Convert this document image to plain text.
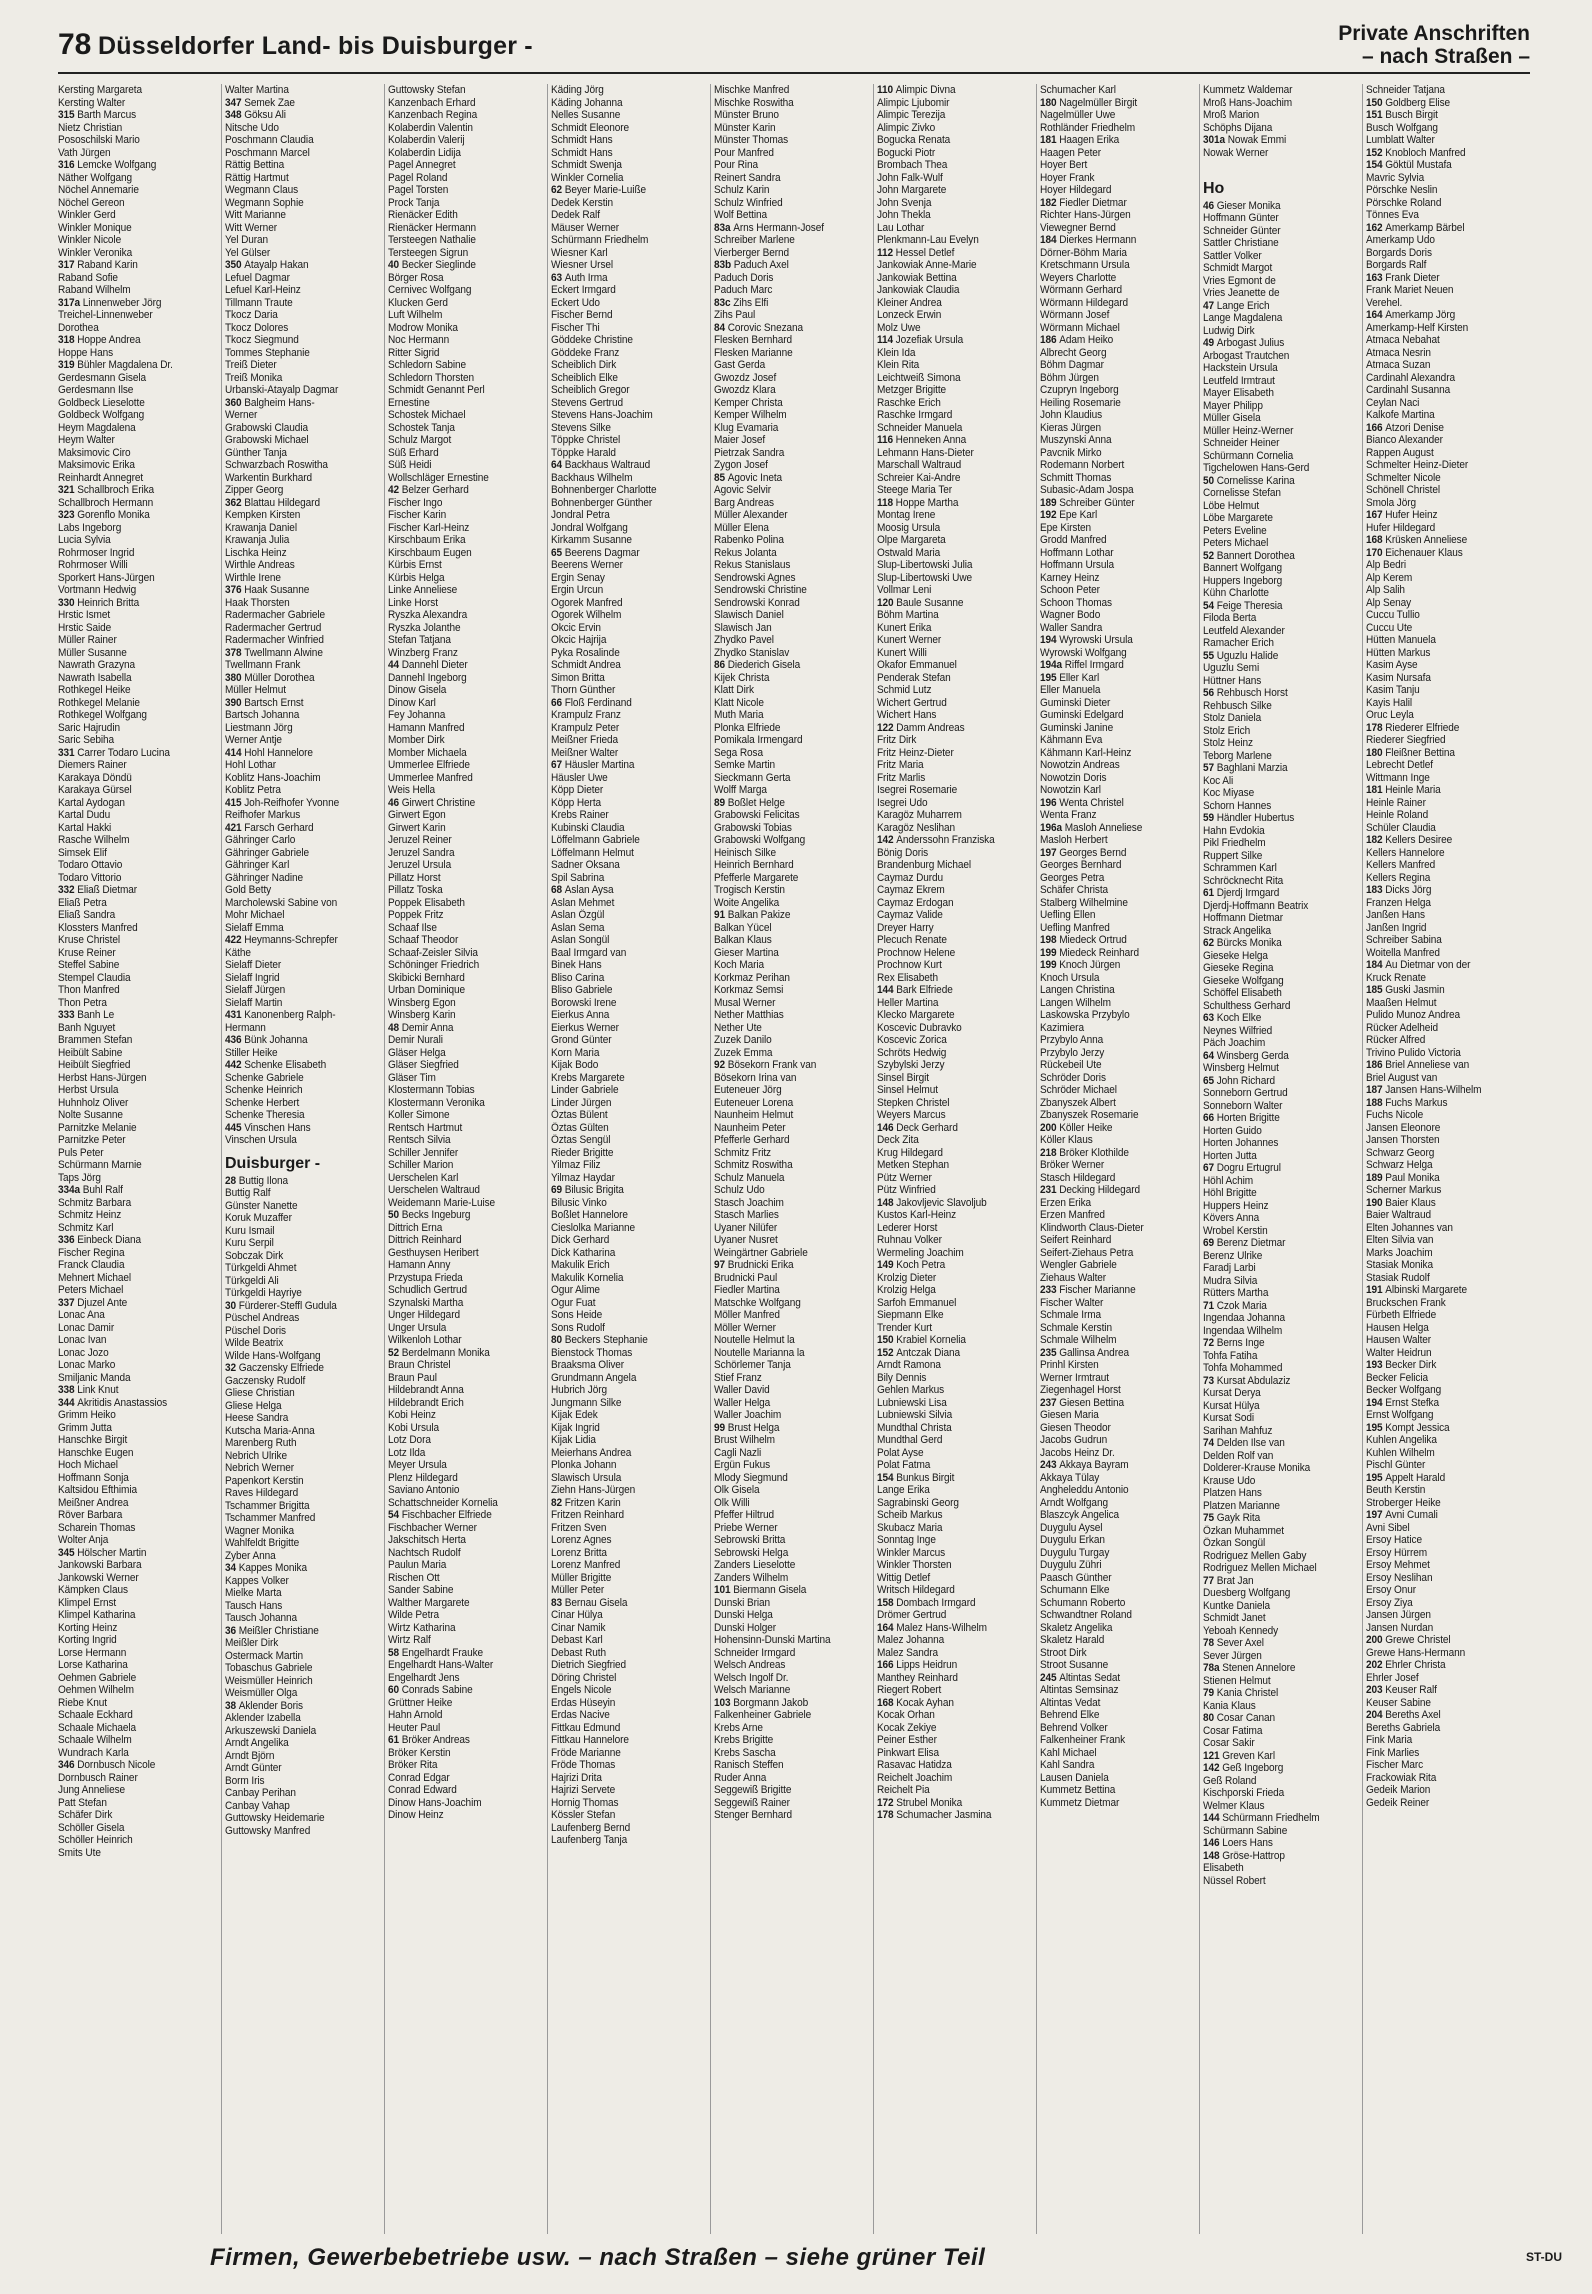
78 Düsseldorfer Land- bis Duisburger -	Private Anschriften
– nach Straßen –
Kersting Margareta
Kersting Walter
315 Barth Marcus
Nietz Christian
Pososchilski Mario
Vath Jürgen
316 Lemcke Wolfgang
Näther Wolfgang
Nöchel Annemarie
Nöchel Gereon
Winkler Gerd
Winkler Monique
Winkler Nicole
Winkler Veronika
317 Raband Karin
Raband Sofie
Raband Wilhelm
317a Linnenweber Jörg
Treichel-Linnenweber
Dorothea
318 Hoppe Andrea
Hoppe Hans
319 Bühler Magdalena Dr.
Gerdesmann Gisela
Gerdesmann Ilse
Goldbeck Lieselotte
Goldbeck Wolfgang
Heym Magdalena
Heym Walter
Maksimovic Ciro
Maksimovic Erika
Reinhardt Annegret
321 Schallbroch Erika
Schallbroch Hermann
323 Gorenflo Monika
Labs Ingeborg
Lucia Sylvia
Rohrmoser Ingrid
Rohrmoser Willi
Sporkert Hans-Jürgen
Vortmann Hedwig
330 Heinrich Britta
Hrstic Ismet
Hrstic Saide
Müller Rainer
Müller Susanne
Nawrath Grazyna
Nawrath Isabella
Rothkegel Heike
Rothkegel Melanie
Rothkegel Wolfgang
Saric Hajrudin
Saric Sebiha
331 Carrer Todaro Lucina
Diemers Rainer
Karakaya Döndü
Karakaya Gürsel
Kartal Aydogan
Kartal Dudu
Kartal Hakki
Rasche Wilhelm
Simsek Elif
Todaro Ottavio
Todaro Vittorio
332 Eliaß Dietmar
Eliaß Petra
Eliaß Sandra
Klossters Manfred
Kruse Christel
Kruse Reiner
Steffel Sabine
Stempel Claudia
Thon Manfred
Thon Petra
333 Banh Le
Banh Nguyet
Brammen Stefan
Heibült Sabine
Heibült Siegfried
Herbst Hans-Jürgen
Herbst Ursula
Huhnholz Oliver
Nolte Susanne
Parnitzke Melanie
Parnitzke Peter
Puls Peter
Schürmann Marnie
Taps Jörg
334a Buhl Ralf
Schmitz Barbara
Schmitz Heinz
Schmitz Karl
336 Einbeck Diana
Fischer Regina
Franck Claudia
Mehnert Michael
Peters Michael
337 Djuzel Ante
Lonac Ana
Lonac Damir
Lonac Ivan
Lonac Jozo
Lonac Marko
Smiljanic Manda
338 Link Knut
344 Akritidis Anastassios
Grimm Heiko
Grimm Jutta
Hanschke Birgit
Hanschke Eugen
Hoch Michael
Hoffmann Sonja
Kaltsidou Efthimia
Meißner Andrea
Röver Barbara
Scharein Thomas
Wolter Anja
345 Hölscher Martin
Jankowski Barbara
Jankowski Werner
Kämpken Claus
Klimpel Ernst
Klimpel Katharina
Korting Heinz
Korting Ingrid
Lorse Hermann
Lorse Katharina
Oehmen Gabriele
Oehmen Wilhelm
Riebe Knut
Schaale Eckhard
Schaale Michaela
Schaale Wilhelm
Wundrach Karla
346 Dornbusch Nicole
Dornbusch Rainer
Jung Anneliese
Patt Stefan
Schäfer Dirk
Schöller Gisela
Schöller Heinrich
Smits Ute
Walter Martina
347 Semek Zae
348 Göksu Ali
Nitsche Udo
Poschmann Claudia
Poschmann Marcel
Rättig Bettina
Rättig Hartmut
Wegmann Claus
Wegmann Sophie
Witt Marianne
Witt Werner
Yel Duran
Yel Gülser
350 Atayalp Hakan
Lefuel Dagmar
Lefuel Karl-Heinz
Tillmann Traute
Tkocz Daria
Tkocz Dolores
Tkocz Siegmund
Tommes Stephanie
Treiß Dieter
Treiß Monika
Urbanski-Atayalp Dagmar
360 Balgheim Hans-
Werner
Grabowski Claudia
Grabowski Michael
Günther Tanja
Schwarzbach Roswitha
Warkentin Burkhard
Zipper Georg
362 Blattau Hildegard
Kempken Kirsten
Krawanja Daniel
Krawanja Julia
Lischka Heinz
Wirthle Andreas
Wirthle Irene
376 Haak Susanne
Haak Thorsten
Radermacher Gabriele
Radermacher Gertrud
Radermacher Winfried
378 Twellmann Alwine
Twellmann Frank
380 Müller Dorothea
Müller Helmut
390 Bartsch Ernst
Bartsch Johanna
Liestmann Jörg
Werner Antje
414 Hohl Hannelore
Hohl Lothar
Koblitz Hans-Joachim
Koblitz Petra
415 Joh-Reifhofer Yvonne
Reifhofer Markus
421 Farsch Gerhard
Gähringer Carlo
Gähringer Gabriele
Gähringer Karl
Gähringer Nadine
Gold Betty
Marcholewski Sabine von
Mohr Michael
Sielaff Emma
422 Heymanns-Schrepfer
Käthe
Sielaff Dieter
Sielaff Ingrid
Sielaff Jürgen
Sielaff Martin
431 Kanonenberg Ralph-
Hermann
436 Bünk Johanna
Stiller Heike
442 Schenke Elisabeth
Schenke Gabriele
Schenke Heinrich
Schenke Herbert
Schenke Theresia
445 Vinschen Hans
Vinschen Ursula
Duisburger -
28 Buttig Ilona
Buttig Ralf
Günster Nanette
Koruk Muzaffer
Kuru Ismail
Kuru Serpil
Sobczak Dirk
Türkgeldi Ahmet
Türkgeldi Ali
Türkgeldi Hayriye
30 Fürderer-Steffl Gudula
Püschel Andreas
Püschel Doris
Wilde Beatrix
Wilde Hans-Wolfgang
32 Gaczensky Elfriede
Gaczensky Rudolf
Gliese Christian
Gliese Helga
Heese Sandra
Kutscha Maria-Anna
Marenberg Ruth
Nebrich Ulrike
Nebrich Werner
Papenkort Kerstin
Raves Hildegard
Tschammer Brigitta
Tschammer Manfred
Wagner Monika
Wahlfeldt Brigitte
Zyber Anna
34 Kappes Monika
Kappes Volker
Mielke Marta
Tausch Hans
Tausch Johanna
36 Meißler Christiane
Meißler Dirk
Ostermack Martin
Tobaschus Gabriele
Weismüller Heinrich
Weismüller Olga
38 Aklender Boris
Aklender Izabella
Arkuszewski Daniela
Arndt Angelika
Arndt Björn
Arndt Günter
Borm Iris
Canbay Perihan
Canbay Vahap
Guttowsky Heidemarie
Guttowsky Manfred
Guttowsky Stefan
Kanzenbach Erhard
Kanzenbach Regina
Kolaberdin Valentin
Kolaberdin Valerij
Kolaberdin Lidija
Pagel Annegret
Pagel Roland
Pagel Torsten
Prock Tanja
Rienäcker Edith
Rienäcker Hermann
Tersteegen Nathalie
Tersteegen Sigrun
40 Becker Sieglinde
Börger Rosa
Cernivec Wolfgang
Klucken Gerd
Luft Wilhelm
Modrow Monika
Noc Hermann
Ritter Sigrid
Schledorn Sabine
Schledorn Thorsten
Schmidt Genannt Perl
Ernestine
Schostek Michael
Schostek Tanja
Schulz Margot
Süß Erhard
Süß Heidi
Wollschläger Ernestine
42 Belzer Gerhard
Fischer Ingo
Fischer Karin
Fischer Karl-Heinz
Kirschbaum Erika
Kirschbaum Eugen
Kürbis Ernst
Kürbis Helga
Linke Anneliese
Linke Horst
Ryszka Alexandra
Ryszka Jolanthe
Stefan Tatjana
Winzberg Franz
44 Dannehl Dieter
Dannehl Ingeborg
Dinow Gisela
Dinow Karl
Fey Johanna
Hamann Manfred
Momber Dirk
Momber Michaela
Ummerlee Elfriede
Ummerlee Manfred
Weis Hella
46 Girwert Christine
Girwert Egon
Girwert Karin
Jeruzel Reiner
Jeruzel Sandra
Jeruzel Ursula
Pillatz Horst
Pillatz Toska
Poppek Elisabeth
Poppek Fritz
Schaaf Ilse
Schaaf Theodor
Schaaf-Zeisler Silvia
Schöninger Friedrich
Skibicki Bernhard
Urban Dominique
Winsberg Egon
Winsberg Karin
48 Demir Anna
Demir Nurali
Gläser Helga
Gläser Siegfried
Gläser Tim
Klostermann Tobias
Klostermann Veronika
Koller Simone
Rentsch Hartmut
Rentsch Silvia
Schiller Jennifer
Schiller Marion
Uerschelen Karl
Uerschelen Waltraud
Weidemann Marie-Luise
50 Becks Ingeburg
Dittrich Erna
Dittrich Reinhard
Gesthuysen Heribert
Hamann Anny
Przystupa Frieda
Schudlich Gertrud
Szynalski Martha
Unger Hildegard
Unger Ursula
Wilkenloh Lothar
52 Berdelmann Monika
Braun Christel
Braun Paul
Hildebrandt Anna
Hildebrandt Erich
Kobi Heinz
Kobi Ursula
Lotz Dora
Lotz Ilda
Meyer Ursula
Plenz Hildegard
Saviano Antonio
Schattschneider Kornelia
54 Fischbacher Elfriede
Fischbacher Werner
Jakschitsch Herta
Nachtsch Rudolf
Paulun Maria
Rischen Ott
Sander Sabine
Walther Margarete
Wilde Petra
Wirtz Katharina
Wirtz Ralf
58 Engelhardt Frauke
Engelhardt Hans-Walter
Engelhardt Jens
60 Conrads Sabine
Grüttner Heike
Hahn Arnold
Heuter Paul
61 Bröker Andreas
Bröker Kerstin
Bröker Rita
Conrad Edgar
Conrad Edward
Dinow Hans-Joachim
Dinow Heinz
Käding Jörg
Käding Johanna
Nelles Susanne
Schmidt Eleonore
Schmidt Hans
Schmidt Hans
Schmidt Swenja
Winkler Cornelia
62 Beyer Marie-Luiße
Dedek Kerstin
Dedek Ralf
Mäuser Werner
Schürmann Friedhelm
Wiesner Karl
Wiesner Ursel
63 Auth Irma
Eckert Irmgard
Eckert Udo
Fischer Bernd
Fischer Thi
Göddeke Christine
Göddeke Franz
Scheiblich Dirk
Scheiblich Elke
Scheiblich Gregor
Stevens Gertrud
Stevens Hans-Joachim
Stevens Silke
Töppke Christel
Töppke Harald
64 Backhaus Waltraud
Backhaus Wilhelm
Bohnenberger Charlotte
Bohnenberger Günther
Jondral Petra
Jondral Wolfgang
Kirkamm Susanne
65 Beerens Dagmar
Beerens Werner
Ergin Senay
Ergin Urcun
Ogorek Manfred
Ogorek Wilhelm
Okcic Ervin
Okcic Hajrija
Pyka Rosalinde
Schmidt Andrea
Simon Britta
Thorn Günther
66 Floß Ferdinand
Krampulz Franz
Krampulz Peter
Meißner Frieda
Meißner Walter
67 Häusler Martina
Häusler Uwe
Köpp Dieter
Köpp Herta
Krebs Rainer
Kubinski Claudia
Löffelmann Gabriele
Löffelmann Helmut
Sadner Oksana
Spil Sabrina
68 Aslan Aysa
Aslan Mehmet
Aslan Özgül
Aslan Sema
Aslan Songül
Baal Irmgard van
Binek Hans
Bliso Carina
Bliso Gabriele
Borowski Irene
Eierkus Anna
Eierkus Werner
Grond Günter
Korn Maria
Kijak Bodo
Krebs Margarete
Linder Gabriele
Linder Jürgen
Öztas Bülent
Öztas Gülten
Öztas Sengül
Rieder Brigitte
Yilmaz Filiz
Yilmaz Haydar
69 Bilusic Brigita
Bilusic Vinko
Boßlet Hannelore
Cieslolka Marianne
Dick Gerhard
Dick Katharina
Makulik Erich
Makulik Kornelia
Ogur Alime
Ogur Fuat
Sons Heide
Sons Rudolf
80 Beckers Stephanie
Bienstock Thomas
Braaksma Oliver
Grundmann Angela
Hubrich Jörg
Jungmann Silke
Kijak Edek
Kijak Ingrid
Kijak Lidia
Meierhans Andrea
Plonka Johann
Slawisch Ursula
Ziehn Hans-Jürgen
82 Fritzen Karin
Fritzen Reinhard
Fritzen Sven
Lorenz Agnes
Lorenz Britta
Lorenz Manfred
Müller Brigitte
Müller Peter
83 Bernau Gisela
Cinar Hülya
Cinar Namik
Debast Karl
Debast Ruth
Dietrich Siegfried
Döring Christel
Engels Nicole
Erdas Hüseyin
Erdas Nacive
Fittkau Edmund
Fittkau Hannelore
Fröde Marianne
Fröde Thomas
Hajrizi Drita
Hajrizi Servete
Hornig Thomas
Kössler Stefan
Laufenberg Bernd
Laufenberg Tanja
Mischke Manfred
Mischke Roswitha
Münster Bruno
Münster Karin
Münster Thomas
Pour Manfred
Pour Rina
Reinert Sandra
Schulz Karin
Schulz Winfried
Wolf Bettina
83a Arns Hermann-Josef
Schreiber Marlene
Vierberger Bernd
83b Paduch Axel
Paduch Doris
Paduch Marc
83c Zihs Elfi
Zihs Paul
84 Corovic Snezana
Flesken Bernhard
Flesken Marianne
Gast Gerda
Gwozdz Josef
Gwozdz Klara
Kemper Christa
Kemper Wilhelm
Klug Evamaria
Maier Josef
Pietrzak Sandra
Zygon Josef
85 Agovic Ineta
Agovic Selvir
Barg Andreas
Müller Alexander
Müller Elena
Rabenko Polina
Rekus Jolanta
Rekus Stanislaus
Sendrowski Agnes
Sendrowski Christine
Sendrowski Konrad
Slawisch Daniel
Slawisch Jan
Zhydko Pavel
Zhydko Stanislav
86 Diederich Gisela
Kijek Christa
Klatt Dirk
Klatt Nicole
Muth Maria
Plonka Elfriede
Pomikala Irmengard
Sega Rosa
Semke Martin
Sieckmann Gerta
Wolff Marga
89 Boßlet Helge
Grabowski Felicitas
Grabowski Tobias
Grabowski Wolfgang
Heinisch Silke
Heinrich Bernhard
Pfefferle Margarete
Trogisch Kerstin
Woite Angelika
91 Balkan Pakize
Balkan Yücel
Balkan Klaus
Gieser Martina
Koch Maria
Korkmaz Perihan
Korkmaz Semsi
Musal Werner
Nether Matthias
Nether Ute
Zuzek Danilo
Zuzek Emma
92 Bösekorn Frank van
Bösekorn Irina van
Euteneuer Jörg
Euteneuer Lorena
Naunheim Helmut
Naunheim Peter
Pfefferle Gerhard
Schmitz Fritz
Schmitz Roswitha
Schulz Manuela
Schulz Udo
Stasch Joachim
Stasch Marlies
Uyaner Nilüfer
Uyaner Nusret
Weingärtner Gabriele
97 Brudnicki Erika
Brudnicki Paul
Fiedler Martina
Matschke Wolfgang
Möller Manfred
Möller Werner
Noutelle Helmut la
Noutelle Marianna la
Schörlemer Tanja
Stief Franz
Waller David
Waller Helga
Waller Joachim
99 Brust Helga
Brust Wilhelm
Cagli Nazli
Ergün Fukus
Mlody Siegmund
Olk Gisela
Olk Willi
Pfeffer Hiltrud
Priebe Werner
Sebrowski Britta
Sebrowski Helga
Zanders Lieselotte
Zanders Wilhelm
101 Biermann Gisela
Dunski Brian
Dunski Helga
Dunski Holger
Hohensinn-Dunski Martina
Schneider Irmgard
Welsch Andreas
Welsch Ingolf Dr.
Welsch Marianne
103 Borgmann Jakob
Falkenheiner Gabriele
Krebs Arne
Krebs Brigitte
Krebs Sascha
Ranisch Steffen
Ruder Anna
Seggewiß Brigitte
Seggewiß Rainer
Stenger Bernhard
110 Alimpic Divna
Alimpic Ljubomir
Alimpic Terezija
Alimpic Zivko
Bogucka Renata
Bogucki Piotr
Brombach Thea
John Falk-Wulf
John Margarete
John Svenja
John Thekla
Lau Lothar
Plenkmann-Lau Evelyn
112 Hessel Detlef
Jankowiak Anne-Marie
Jankowiak Bettina
Jankowiak Claudia
Kleiner Andrea
Lonzeck Erwin
Molz Uwe
114 Jozefiak Ursula
Klein Ida
Klein Rita
Leichtweiß Simona
Metzger Brigitte
Raschke Erich
Raschke Irmgard
Schneider Manuela
116 Henneken Anna
Lehmann Hans-Dieter
Marschall Waltraud
Schreier Kai-Andre
Steege Maria Ter
118 Hoppe Martha
Montag Irene
Moosig Ursula
Olpe Margareta
Ostwald Maria
Slup-Libertowski Julia
Slup-Libertowski Uwe
Vollmar Leni
120 Baule Susanne
Böhm Martina
Kunert Erika
Kunert Werner
Kunert Willi
Okafor Emmanuel
Penderak Stefan
Schmid Lutz
Wichert Gertrud
Wichert Hans
122 Damm Andreas
Fritz Dirk
Fritz Heinz-Dieter
Fritz Maria
Fritz Marlis
Isegrei Rosemarie
Isegrei Udo
Karagöz Muharrem
Karagöz Neslihan
142 Anderssohn Franziska
Bönig Doris
Brandenburg Michael
Caymaz Durdu
Caymaz Ekrem
Caymaz Erdogan
Caymaz Valide
Dreyer Harry
Plecuch Renate
Prochnow Helene
Prochnow Kurt
Rex Elisabeth
144 Bark Elfriede
Heller Martina
Klecko Margarete
Koscevic Dubravko
Koscevic Zorica
Schröts Hedwig
Szybylski Jerzy
Sinsel Birgit
Sinsel Helmut
Stepken Christel
Weyers Marcus
146 Deck Gerhard
Deck Zita
Krug Hildegard
Metken Stephan
Pütz Werner
Pütz Winfried
148 Jakovljevic Slavoljub
Kustos Karl-Heinz
Lederer Horst
Ruhnau Volker
Wermeling Joachim
149 Koch Petra
Krolzig Dieter
Krolzig Helga
Sarfoh Emmanuel
Siepmann Elke
Trender Kurt
150 Krabiel Kornelia
152 Antczak Diana
Arndt Ramona
Bily Dennis
Gehlen Markus
Lubniewski Lisa
Lubniewski Silvia
Mundthal Christa
Mundthal Gerd
Polat Ayse
Polat Fatma
154 Bunkus Birgit
Lange Erika
Sagrabinski Georg
Scheib Markus
Skubacz Maria
Sonntag Inge
Winkler Marcus
Winkler Thorsten
Wittig Detlef
Writsch Hildegard
158 Dombach Irmgard
Drömer Gertrud
164 Malez Hans-Wilhelm
Malez Johanna
Malez Sandra
166 Lipps Heidrun
Manthey Reinhard
Riegert Robert
168 Kocak Ayhan
Kocak Orhan
Kocak Zekiye
Peiner Esther
Pinkwart Elisa
Rasavac Hatidza
Reichelt Joachim
Reichelt Pia
172 Strubel Monika
178 Schumacher Jasmina
Schumacher Karl
180 Nagelmüller Birgit
Nagelmüller Uwe
Rothländer Friedhelm
181 Haagen Erika
Haagen Peter
Hoyer Bert
Hoyer Frank
Hoyer Hildegard
182 Fiedler Dietmar
Richter Hans-Jürgen
Viewegner Bernd
184 Dierkes Hermann
Dörner-Böhm Maria
Kretschmann Ursula
Weyers Charlotte
Wörmann Gerhard
Wörmann Hildegard
Wörmann Josef
Wörmann Michael
186 Adam Heiko
Albrecht Georg
Böhm Dagmar
Böhm Jürgen
Czupryn Ingeborg
Heiling Rosemarie
John Klaudius
Kieras Jürgen
Muszynski Anna
Pavcnik Mirko
Rodemann Norbert
Schmitt Thomas
Subasic-Adam Jospa
189 Schreiber Günter
192 Epe Karl
Epe Kirsten
Grodd Manfred
Hoffmann Lothar
Hoffmann Ursula
Karney Heinz
Schoon Peter
Schoon Thomas
Wagner Bodo
Waller Sandra
194 Wyrowski Ursula
Wyrowski Wolfgang
194a Riffel Irmgard
195 Eller Karl
Eller Manuela
Guminski Dieter
Guminski Edelgard
Guminski Janine
Kähmann Eva
Kähmann Karl-Heinz
Nowotzin Andreas
Nowotzin Doris
Nowotzin Karl
196 Wenta Christel
Wenta Franz
196a Masloh Anneliese
Masloh Herbert
197 Georges Bernd
Georges Bernhard
Georges Petra
Schäfer Christa
Stalberg Wilhelmine
Uefling Ellen
Uefling Manfred
198 Miedeck Ortrud
199 Miedeck Reinhard
199 Knoch Jürgen
Knoch Ursula
Langen Christina
Langen Wilhelm
Laskowska Przybylo
Kazimiera
Przybylo Anna
Przybylo Jerzy
Rückebeil Ute
Schröder Doris
Schröder Michael
Zbanyszek Albert
Zbanyszek Rosemarie
200 Köller Heike
Köller Klaus
218 Bröker Klothilde
Bröker Werner
Stasch Hildegard
231 Decking Hildegard
Erzen Erika
Erzen Manfred
Klindworth Claus-Dieter
Seifert Reinhard
Seifert-Ziehaus Petra
Wengler Gabriele
Ziehaus Walter
233 Fischer Marianne
Fischer Walter
Schmale Irma
Schmale Kerstin
Schmale Wilhelm
235 Gallinsa Andrea
Prinhl Kirsten
Werner Irmtraut
Ziegenhagel Horst
237 Giesen Bettina
Giesen Maria
Giesen Theodor
Jacobs Gudrun
Jacobs Heinz Dr.
243 Akkaya Bayram
Akkaya Tülay
Angheleddu Antonio
Arndt Wolfgang
Blaszcyk Angelica
Duygulu Aysel
Duygulu Erkan
Duygulu Turgay
Duygulu Zühri
Paasch Günther
Schumann Elke
Schumann Roberto
Schwandtner Roland
Skaletz Angelika
Skaletz Harald
Stroot Dirk
Stroot Susanne
245 Altintas Sedat
Altintas Semsinaz
Altintas Vedat
Behrend Elke
Behrend Volker
Falkenheiner Frank
Kahl Michael
Kahl Sandra
Lausen Daniela
Kummetz Bettina
Kummetz Dietmar
Kummetz Waldemar
Mroß Hans-Joachim
Mroß Marion
Schöphs Dijana
301a Nowak Emmi
Nowak Werner
Ho
46 Gieser Monika
Hoffmann Günter
Schneider Günter
Sattler Christiane
Sattler Volker
Schmidt Margot
Vries Egmont de
Vries Jeanette de
47 Lange Erich
Lange Magdalena
Ludwig Dirk
49 Arbogast Julius
Arbogast Trautchen
Hackstein Ursula
Leutfeld Irmtraut
Mayer Elisabeth
Mayer Philipp
Müller Gisela
Müller Heinz-Werner
Schneider Heiner
Schürmann Cornelia
Tigchelowen Hans-Gerd
50 Cornelisse Karina
Cornelisse Stefan
Löbe Helmut
Löbe Margarete
Peters Eveline
Peters Michael
52 Bannert Dorothea
Bannert Wolfgang
Huppers Ingeborg
Kühn Charlotte
54 Feige Theresia
Filoda Berta
Leutfeld Alexander
Ramacher Erich
55 Uguzlu Halide
Uguzlu Semi
Hüttner Hans
56 Rehbusch Horst
Rehbusch Silke
Stolz Daniela
Stolz Erich
Stolz Heinz
Teborg Marlene
57 Baghlani Marzia
Koc Ali
Koc Miyase
Schorn Hannes
59 Händler Hubertus
Hahn Evdokia
Pikl Friedhelm
Ruppert Silke
Schrammen Karl
Schröcknecht Rita
61 Djerdj Irmgard
Djerdj-Hoffmann Beatrix
Hoffmann Dietmar
Strack Angelika
62 Bürcks Monika
Gieseke Helga
Gieseke Regina
Gieseke Wolfgang
Schöffel Elisabeth
Schulthess Gerhard
63 Koch Elke
Neynes Wilfried
Päch Joachim
64 Winsberg Gerda
Winsberg Helmut
65 John Richard
Sonneborn Gertrud
Sonneborn Walter
66 Horten Brigitte
Horten Guido
Horten Johannes
Horten Jutta
67 Dogru Ertugrul
Höhl Achim
Höhl Brigitte
Huppers Heinz
Kövers Anna
Wrobel Kerstin
69 Berenz Dietmar
Berenz Ulrike
Faradj Larbi
Mudra Silvia
Rütters Martha
71 Czok Maria
Ingendaa Johanna
Ingendaa Wilhelm
72 Berns Inge
Tohfa Fatiha
Tohfa Mohammed
73 Kursat Abdulaziz
Kursat Derya
Kursat Hülya
Kursat Sodi
Sarihan Mahfuz
74 Delden Ilse van
Delden Rolf van
Dolderer-Krause Monika
Krause Udo
Platzen Hans
Platzen Marianne
75 Gayk Rita
Özkan Muhammet
Özkan Songül
Rodriguez Mellen Gaby
Rodriguez Mellen Michael
77 Brat Jan
Duesberg Wolfgang
Kuntke Daniela
Schmidt Janet
Yeboah Kennedy
78 Sever Axel
Sever Jürgen
78a Stenen Annelore
Stienen Helmut
79 Kania Christel
Kania Klaus
80 Cosar Canan
Cosar Fatima
Cosar Sakir
121 Greven Karl
142 Geß Ingeborg
Geß Roland
Kischporski Frieda
Welmer Klaus
144 Schürmann Friedhelm
Schürmann Sabine
146 Loers Hans
148 Gröse-Hattrop
Elisabeth
Nüssel Robert
Schneider Tatjana
150 Goldberg Elise
151 Busch Birgit
Busch Wolfgang
Lumblatt Walter
152 Knobloch Manfred
154 Göktül Mustafa
Mavric Sylvia
Pörschke Neslin
Pörschke Roland
Tönnes Eva
162 Amerkamp Bärbel
Amerkamp Udo
Borgards Doris
Borgards Ralf
163 Frank Dieter
Frank Mariet Neuen
Verehel.
164 Amerkamp Jörg
Amerkamp-Helf Kirsten
Atmaca Nebahat
Atmaca Nesrin
Atmaca Suzan
Cardinahl Alexandra
Cardinahl Susanna
Ceylan Naci
Kalkofe Martina
166 Atzori Denise
Bianco Alexander
Rappen August
Schmelter Heinz-Dieter
Schmelter Nicole
Schönell Christel
Smola Jörg
167 Hufer Heinz
Hufer Hildegard
168 Krüsken Anneliese
170 Eichenauer Klaus
Alp Bedri
Alp Kerem
Alp Salih
Alp Senay
Cuccu Tullio
Cuccu Ute
Hütten Manuela
Hütten Markus
Kasim Ayse
Kasim Nursafa
Kasim Tanju
Kayis Halil
Oruc Leyla
178 Riederer Elfriede
Riederer Siegfried
180 Fleißner Bettina
Lebrecht Detlef
Wittmann Inge
181 Heinle Maria
Heinle Rainer
Heinle Roland
Schüler Claudia
182 Kellers Desiree
Kellers Hannelore
Kellers Manfred
Kellers Regina
183 Dicks Jörg
Franzen Helga
Janßen Hans
Janßen Ingrid
Schreiber Sabina
Woitella Manfred
184 Au Dietmar von der
Kruck Renate
185 Guski Jasmin
Maaßen Helmut
Pulido Munoz Andrea
Rücker Adelheid
Rücker Alfred
Trivino Pulido Victoria
186 Briel Anneliese van
Briel August van
187 Jansen Hans-Wilhelm
188 Fuchs Markus
Fuchs Nicole
Jansen Eleonore
Jansen Thorsten
Schwarz Georg
Schwarz Helga
189 Paul Monika
Scherner Markus
190 Baier Klaus
Baier Waltraud
Elten Johannes van
Elten Silvia van
Marks Joachim
Stasiak Monika
Stasiak Rudolf
191 Albinski Margarete
Bruckschen Frank
Fürbeth Elfriede
Hausen Helga
Hausen Walter
Walter Heidrun
193 Becker Dirk
Becker Felicia
Becker Wolfgang
194 Ernst Stefka
Ernst Wolfgang
195 Kompt Jessica
Kuhlen Angelika
Kuhlen Wilhelm
Pischl Günter
195 Appelt Harald
Beuth Kerstin
Stroberger Heike
197 Avni Cumali
Avni Sibel
Ersoy Hatice
Ersoy Hürrem
Ersoy Mehmet
Ersoy Neslihan
Ersoy Onur
Ersoy Ziya
Jansen Jürgen
Jansen Nurdan
200 Grewe Christel
Grewe Hans-Hermann
202 Ehrler Christa
Ehrler Josef
203 Keuser Ralf
Keuser Sabine
204 Bereths Axel
Bereths Gabriela
Fink Maria
Fink Marlies
Fischer Marc
Frackowiak Rita
Gedeik Marion
Gedeik Reiner
Firmen, Gewerbebetriebe usw. – nach Straßen – siehe grüner Teil	ST-DU
